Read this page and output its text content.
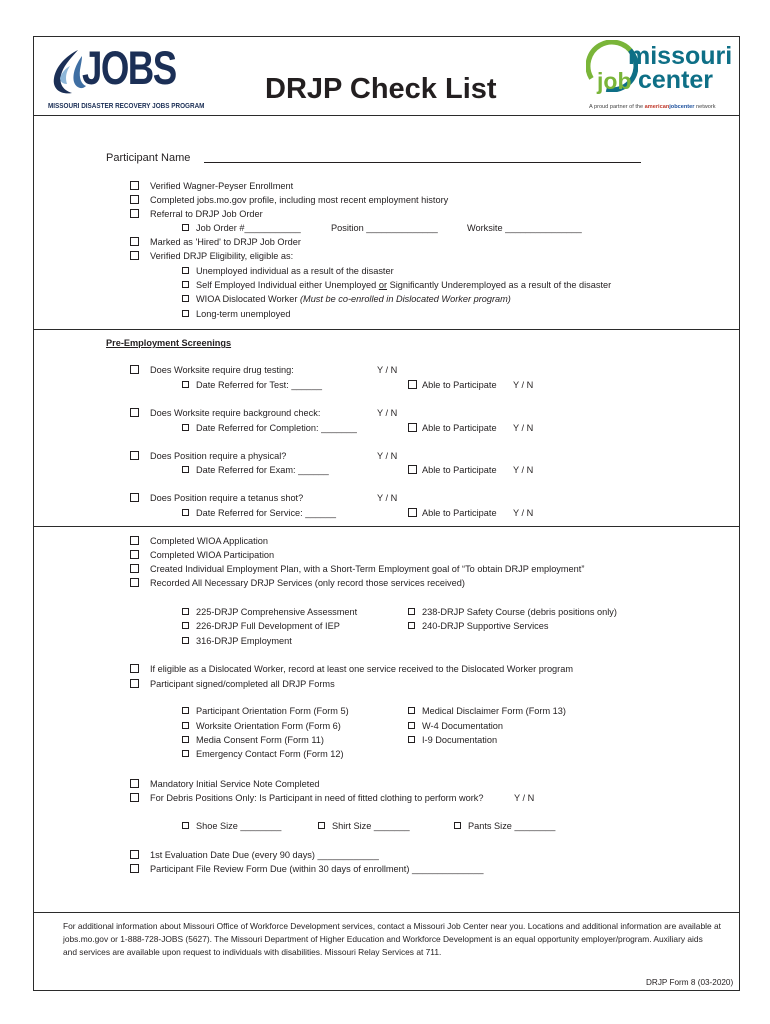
JOBS
MISSOURI DISASTER RECOVERY JOBS PROGRAM
DRJP Check List
missouri
job center
A proud partner of the americanjobcenter network
Participant Name
Verified Wagner-Peyser Enrollment
Completed jobs.mo.gov profile, including most recent employment history
Referral to DRJP Job Order
Job Order #___________	Position ______________	Worksite _______________
Marked as 'Hired' to DRJP Job Order
Verified DRJP Eligibility, eligible as:
Unemployed individual as a result of the disaster
Self Employed Individual either Unemployed or Significantly Underemployed as a result of the disaster
WIOA Dislocated Worker (Must be co-enrolled in Dislocated Worker program)
Long-term unemployed
Pre-Employment Screenings
Does Worksite require drug testing:	Y / N
Date Referred for Test: ______	Able to Participate Y / N
Does Worksite require background check:	Y / N
Date Referred for Completion: _______	Able to Participate Y / N
Does Position require a physical?	Y / N
Date Referred for Exam: ______	Able to Participate Y / N
Does Position require a tetanus shot?	Y / N
Date Referred for Service: ______	Able to Participate Y / N
Completed WIOA Application
Completed WIOA Participation
Created Individual Employment Plan, with a Short-Term Employment goal of “To obtain DRJP employment”
Recorded All Necessary DRJP Services (only record those services received)
225-DRJP Comprehensive Assessment
226-DRJP Full Development of IEP
316-DRJP Employment
238-DRJP Safety Course (debris positions only)
240-DRJP Supportive Services
If eligible as a Dislocated Worker, record at least one service received to the Dislocated Worker program
Participant signed/completed all DRJP Forms
Participant Orientation Form (Form 5)
Worksite Orientation Form (Form 6)
Media Consent Form (Form 11)
Emergency Contact Form (Form 12)
Medical Disclaimer Form (Form 13)
W-4 Documentation
I-9 Documentation
Mandatory Initial Service Note Completed
For Debris Positions Only: Is Participant in need of fitted clothing to perform work?	Y / N
Shoe Size ________	Shirt Size _______	Pants Size ________
1st Evaluation Date Due (every 90 days) ____________
Participant File Review Form Due (within 30 days of enrollment) ______________
For additional information about Missouri Office of Workforce Development services, contact a Missouri Job Center near you. Locations and additional information are available at
jobs.mo.gov or 1-888-728-JOBS (5627). The Missouri Department of Higher Education and Workforce Development is an equal opportunity employer/program. Auxiliary aids
and services are available upon request to individuals with disabilities. Missouri Relay Services at 711.
DRJP Form 8 (03-2020)
